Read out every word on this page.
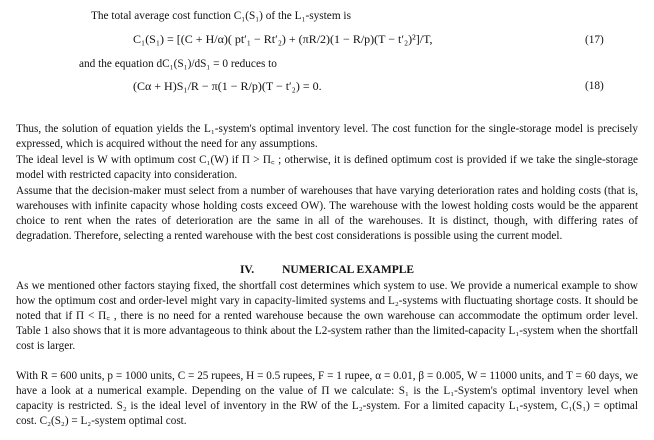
The total average cost function C₁(S₁) of the L₁-system is
C₁(S₁) = [(C + H/α)( pt′₁ − Rt′₂) + (πR/2)(1 − R/p)(T − t′₂)²]/T,	(17)
and the equation dC₁(S₁)/dS₁ = 0 reduces to
(Cα + H)S₁/R − π(1 − R/p)(T − t′₂) = 0.	(18)

Thus, the solution of equation yields the L₁-system's optimal inventory level. The cost function for the single-storage model is precisely expressed, which is acquired without the need for any assumptions.

The ideal level is W with optimum cost C₁(W) if Π > Π꜀ ; otherwise, it is defined optimum cost is provided if we take the single-storage model with restricted capacity into consideration.

Assume that the decision-maker must select from a number of warehouses that have varying deterioration rates and holding costs (that is, warehouses with infinite capacity whose holding costs exceed OW). The warehouse with the lowest holding costs would be the apparent choice to rent when the rates of deterioration are the same in all of the warehouses. It is distinct, though, with differing rates of degradation. Therefore, selecting a rented warehouse with the best cost considerations is possible using the current model.

IV. NUMERICAL EXAMPLE

As we mentioned other factors staying fixed, the shortfall cost determines which system to use. We provide a numerical example to show how the optimum cost and order-level might vary in capacity-limited systems and L₂-systems with fluctuating shortage costs. It should be noted that if Π < Π꜀ , there is no need for a rented warehouse because the own warehouse can accommodate the optimum order level. Table 1 also shows that it is more advantageous to think about the L2-system rather than the limited-capacity L₁-system when the shortfall cost is larger.

With R = 600 units, p = 1000 units, C = 25 rupees, H = 0.5 rupees, F = 1 rupee, α = 0.01, β = 0.005, W = 11000 units, and T = 60 days, we have a look at a numerical example. Depending on the value of Π we calculate: S₁ is the L₁-System's optimal inventory level when capacity is restricted. S₂ is the ideal level of inventory in the RW of the L₂-system. For a limited capacity L₁-system, C₁(S₁) = optimal cost. C₂(S₂) = L₂-system optimal cost.
